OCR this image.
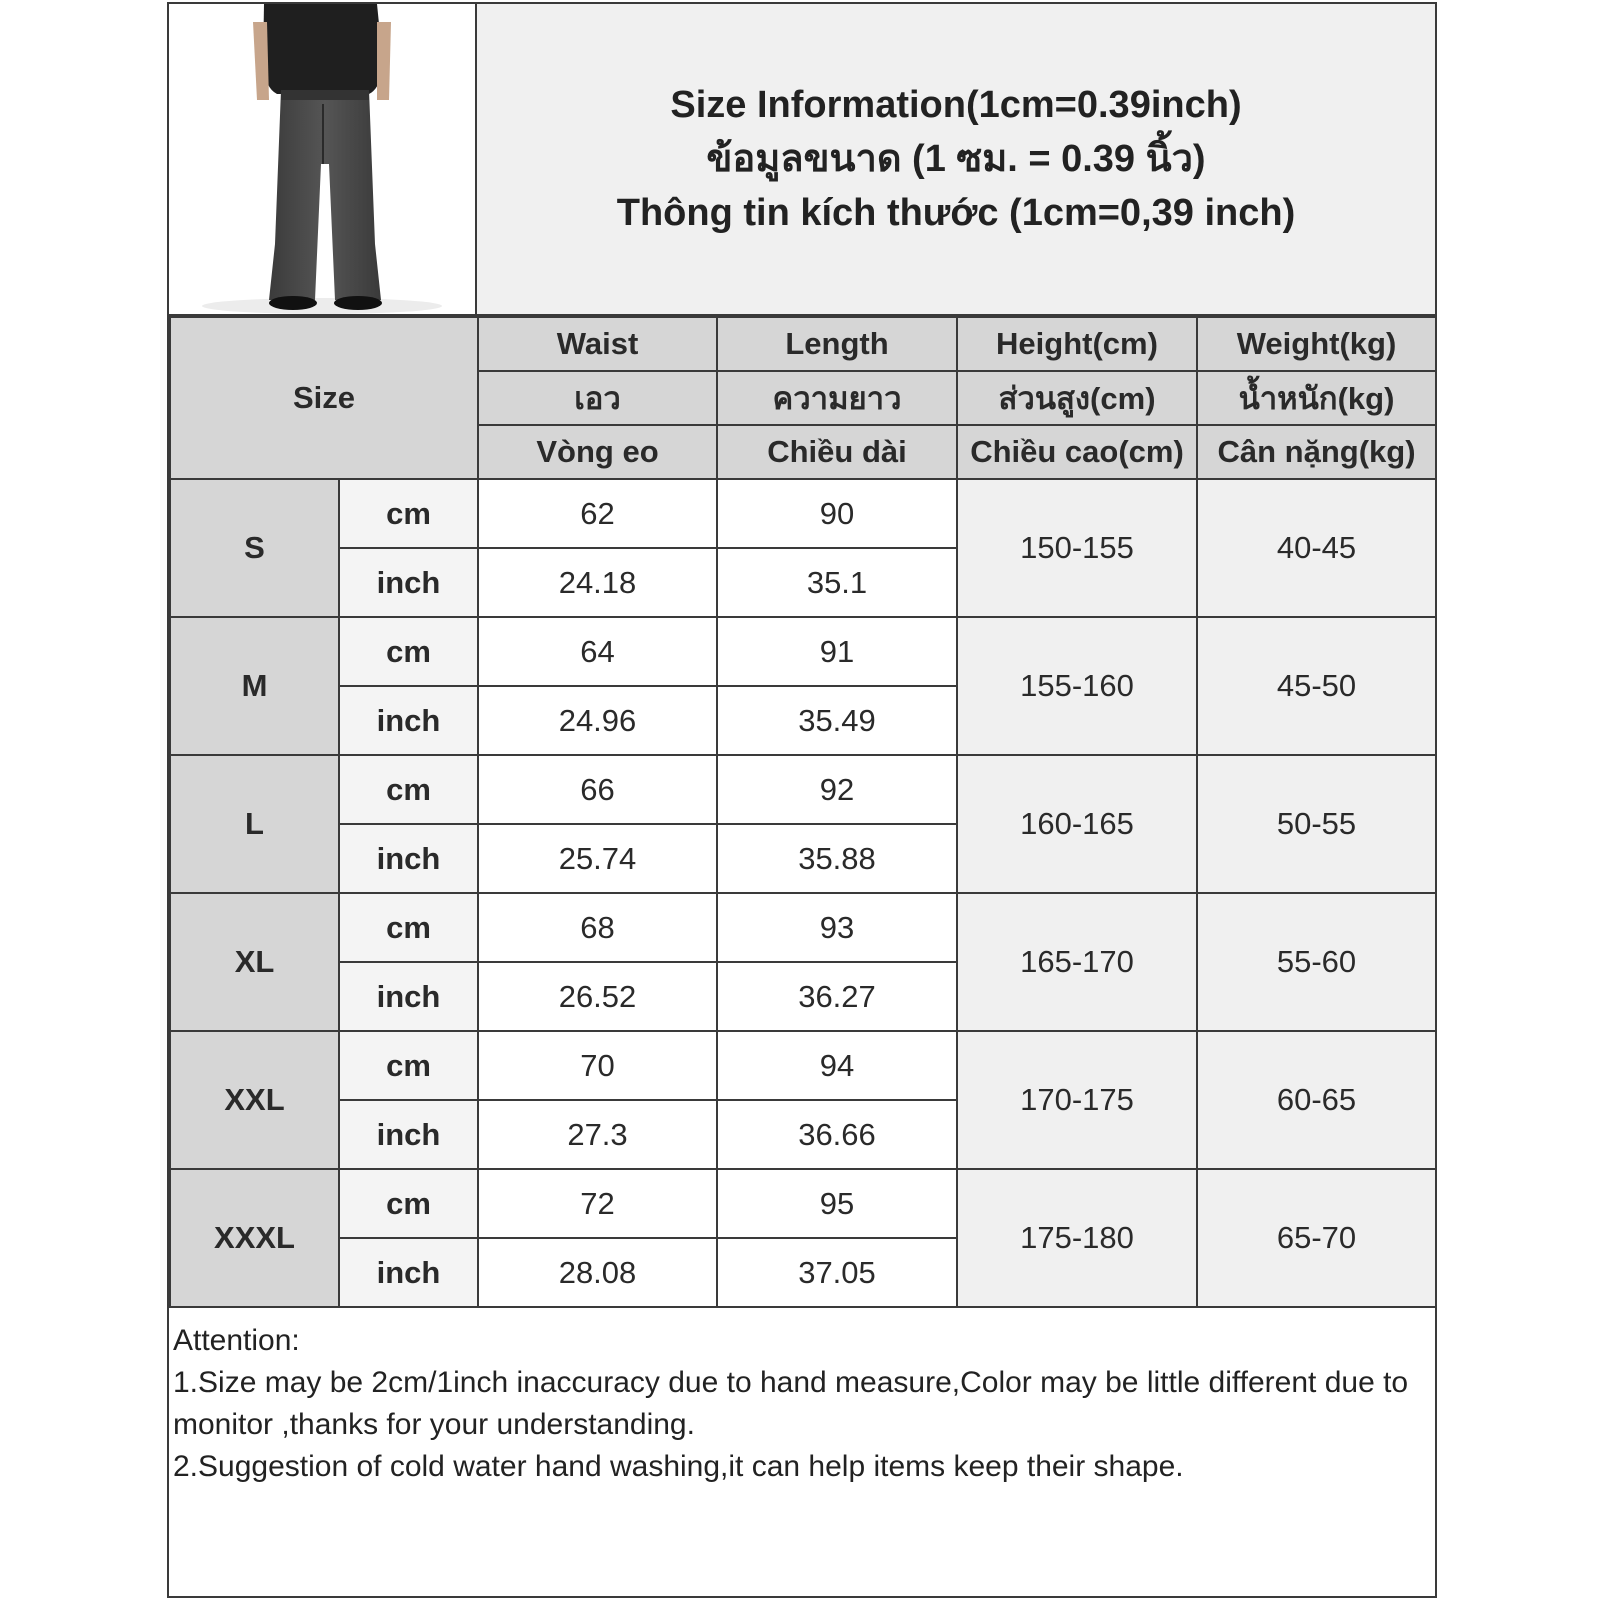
Size Information(1cm=0.39inch)
ข้อมูลขนาด (1 ซม. = 0.39 นิ้ว)
Thông tin kích thước (1cm=0,39 inch)
Size		Waist	Length	Height(cm)	Weight(kg)
		เอว	ความยาว	ส่วนสูง(cm)	น้ำหนัก(kg)
		Vòng eo	Chiều dài	Chiều cao(cm)	Cân nặng(kg)
S	cm	62	90	150-155	40-45
	inch	24.18	35.1		
M	cm	64	91	155-160	45-50
	inch	24.96	35.49		
L	cm	66	92	160-165	50-55
	inch	25.74	35.88		
XL	cm	68	93	165-170	55-60
	inch	26.52	36.27		
XXL	cm	70	94	170-175	60-65
	inch	27.3	36.66		
XXXL	cm	72	95	175-180	65-70
	inch	28.08	37.05		

Attention:

1.Size may be 2cm/1inch inaccuracy due to hand measure,Color may be little different due to monitor ,thanks for your understanding.

2.Suggestion of cold water hand washing,it can help items keep their shape.
